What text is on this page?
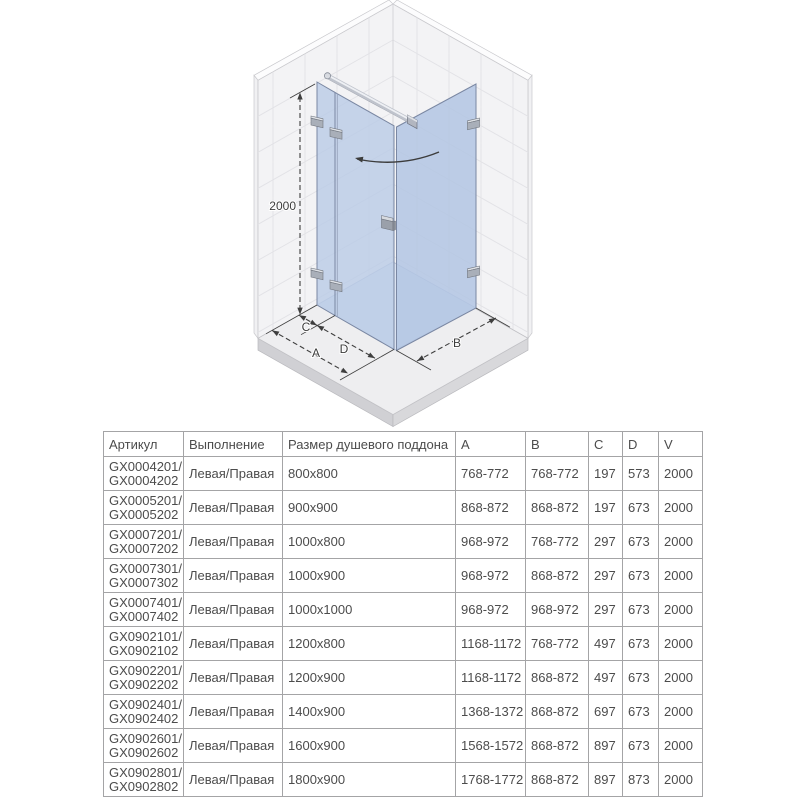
2000
C
D
A
B
Артикул	Выполнение	Размер душевого поддона	A	B	C	D	V

GX0004201/
GX0004202	Левая/Правая	800x800	768-772	768-772	197	573	2000

GX0005201/
GX0005202	Левая/Правая	900x900	868-872	868-872	197	673	2000

GX0007201/
GX0007202	Левая/Правая	1000x800	968-972	768-772	297	673	2000

GX0007301/
GX0007302	Левая/Правая	1000x900	968-972	868-872	297	673	2000

GX0007401/
GX0007402	Левая/Правая	1000x1000	968-972	968-972	297	673	2000

GX0902101/
GX0902102	Левая/Правая	1200x800	1168-1172	768-772	497	673	2000

GX0902201/
GX0902202	Левая/Правая	1200x900	1168-1172	868-872	497	673	2000

GX0902401/
GX0902402	Левая/Правая	1400x900	1368-1372	868-872	697	673	2000

GX0902601/
GX0902602	Левая/Правая	1600x900	1568-1572	868-872	897	673	2000

GX0902801/
GX0902802	Левая/Правая	1800x900	1768-1772	868-872	897	873	2000
